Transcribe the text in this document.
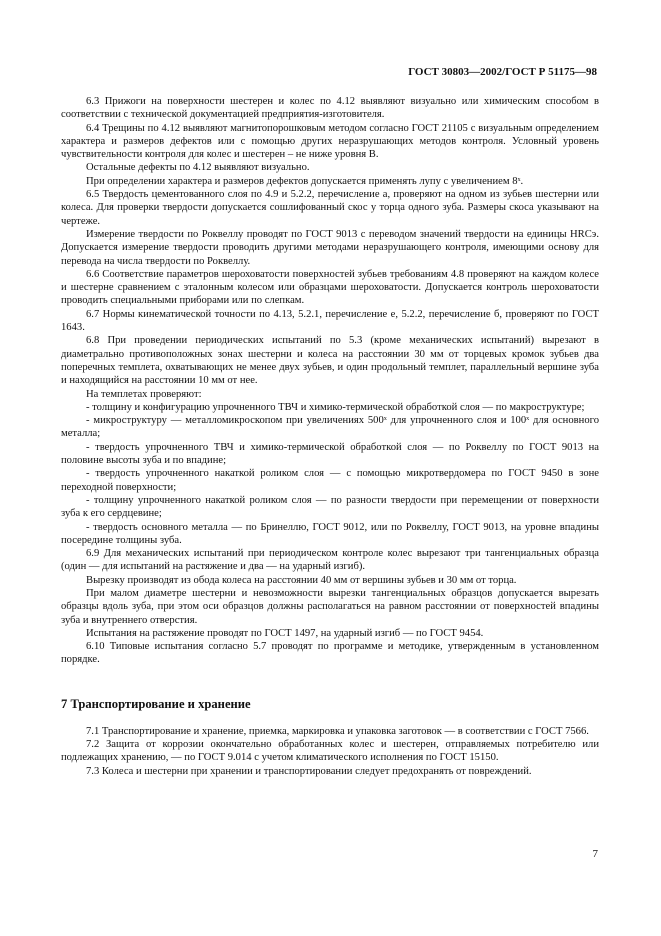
ГОСТ 30803—2002/ГОСТ Р 51175—98

6.3 Прижоги на поверхности шестерен и колес по 4.12 выявляют визуально или химическим способом в соответствии с технической документацией предприятия-изготовителя.

6.4 Трещины по 4.12 выявляют магнитопорошковым методом согласно ГОСТ 21105 с визуальным определением характера и размеров дефектов или с помощью других неразрушающих методов контроля. Условный уровень чувствительности контроля для колес и шестерен – не ниже уровня В.

Остальные дефекты по 4.12 выявляют визуально.

При определении характера и размеров дефектов допускается применять лупу с увеличением 8ˣ.

6.5 Твердость цементованного слоя по 4.9 и 5.2.2, перечисление а, проверяют на одном из зубьев шестерни или колеса. Для проверки твердости допускается сошлифованный скос у торца одного зуба. Размеры скоса указывают на чертеже.

Измерение твердости по Роквеллу проводят по ГОСТ 9013 с переводом значений твердости на единицы HRCэ. Допускается измерение твердости проводить другими методами неразрушающего контроля, имеющими основу для перевода на числа твердости по Роквеллу.

6.6 Соответствие параметров шероховатости поверхностей зубьев требованиям 4.8 проверяют на каждом колесе и шестерне сравнением с эталонным колесом или образцами шероховатости. Допускается контроль шероховатости проводить специальными приборами или по слепкам.

6.7 Нормы кинематической точности по 4.13, 5.2.1, перечисление е, 5.2.2, перечисление б, проверяют по ГОСТ 1643.

6.8 При проведении периодических испытаний по 5.3 (кроме механических испытаний) вырезают в диаметрально противоположных зонах шестерни и колеса на расстоянии 30 мм от торцевых кромок зубьев два поперечных темплета, охватывающих не менее двух зубьев, и один продольный темплет, параллельный вершине зуба и находящийся на расстоянии 10 мм от нее.

На темплетах проверяют:

- толщину и конфигурацию упрочненного ТВЧ и химико-термической обработкой слоя — по макроструктуре;

- микроструктуру — металломикроскопом при увеличениях 500ˣ для упрочненного слоя и 100ˣ для основного металла;

- твердость упрочненного ТВЧ и химико-термической обработкой слоя — по Роквеллу по ГОСТ 9013 на половине высоты зуба и по впадине;

- твердость упрочненного накаткой роликом слоя — с помощью микротвердомера по ГОСТ 9450 в зоне переходной поверхности;

- толщину упрочненного накаткой роликом слоя — по разности твердости при перемещении от поверхности зуба к его сердцевине;

- твердость основного металла — по Бринеллю, ГОСТ 9012, или по Роквеллу, ГОСТ 9013, на уровне впадины посередине толщины зуба.

6.9 Для механических испытаний при периодическом контроле колес вырезают три тангенциальных образца (один — для испытаний на растяжение и два — на ударный изгиб).

Вырезку производят из обода колеса на расстоянии 40 мм от вершины зубьев и 30 мм от торца.

При малом диаметре шестерни и невозможности вырезки тангенциальных образцов допускается вырезать образцы вдоль зуба, при этом оси образцов должны располагаться на равном расстоянии от поверхностей впадины зуба и внутреннего отверстия.

Испытания на растяжение проводят по ГОСТ 1497, на ударный изгиб — по ГОСТ 9454.

6.10 Типовые испытания согласно 5.7 проводят по программе и методике, утвержденным в установленном порядке.

7 Транспортирование и хранение

7.1 Транспортирование и хранение, приемка, маркировка и упаковка заготовок — в соответствии с ГОСТ 7566.

7.2 Защита от коррозии окончательно обработанных колес и шестерен, отправляемых потребителю или подлежащих хранению, — по ГОСТ 9.014 с учетом климатического исполнения по ГОСТ 15150.

7.3 Колеса и шестерни при хранении и транспортировании следует предохранять от повреждений.

7
